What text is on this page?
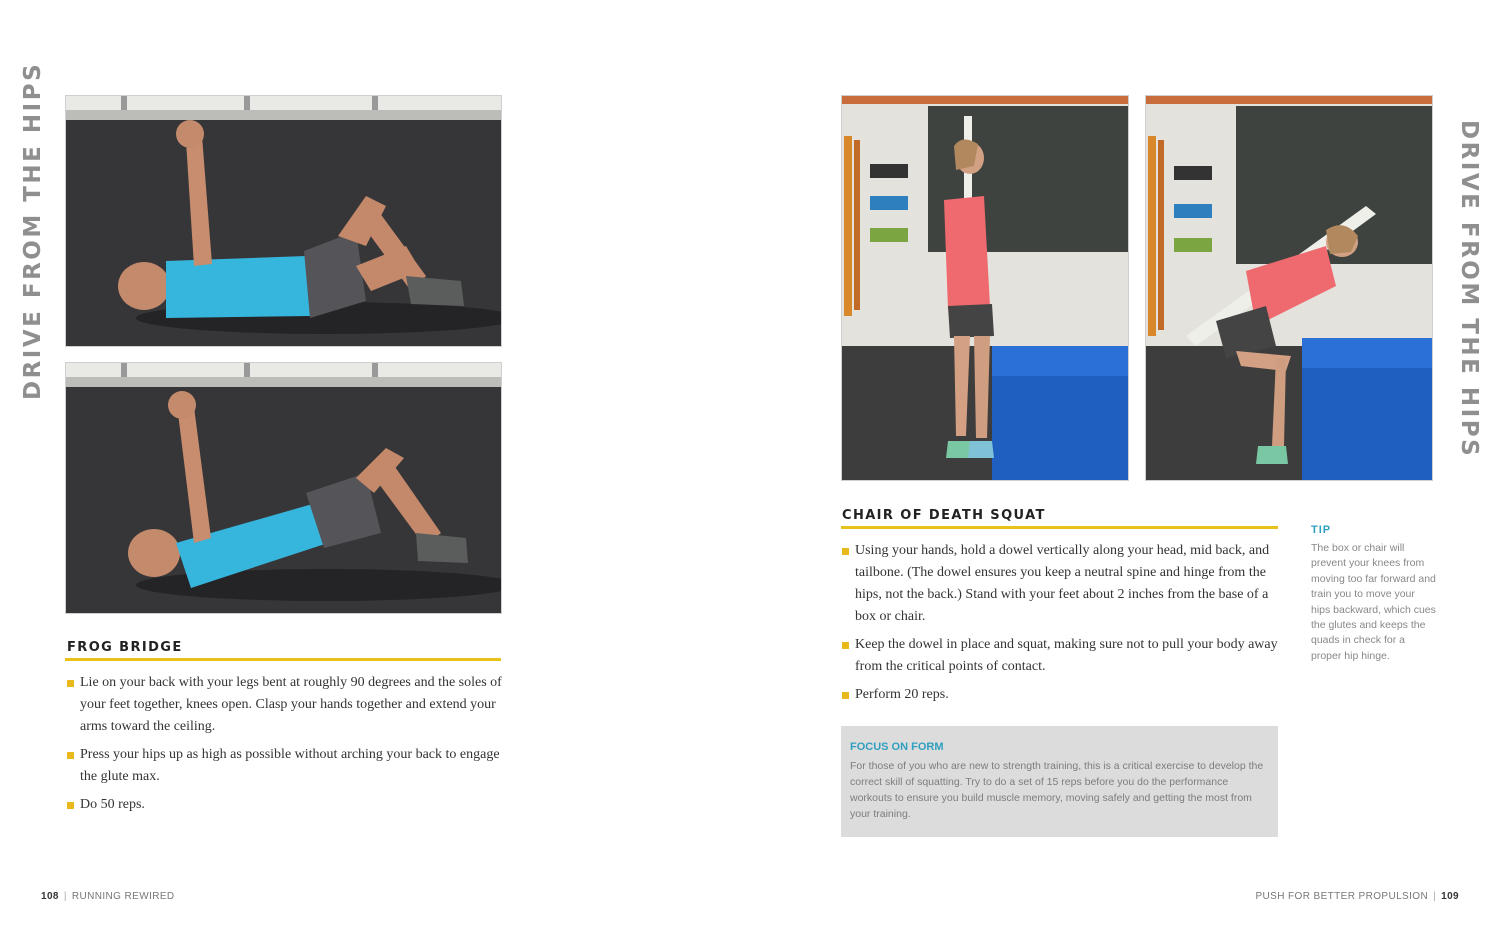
DRIVE FROM THE HIPS	DRIVE FROM THE HIPS
FROG BRIDGE
Lie on your back with your legs bent at roughly 90 degrees and the soles of your feet together, knees open. Clasp your hands together and extend your arms toward the ceiling.
Press your hips up as high as possible without arching your back to engage the glute max.
Do 50 reps.
CHAIR OF DEATH SQUAT
Using your hands, hold a dowel vertically along your head, mid back, and tailbone. (The dowel ensures you keep a neutral spine and hinge from the hips, not the back.) Stand with your feet about 2 inches from the base of a box or chair.
Keep the dowel in place and squat, making sure not to pull your body away from the critical points of contact.
Perform 20 reps.
TIP
The box or chair will prevent your knees from moving too far forward and train you to move your hips backward, which cues the glutes and keeps the quads in check for a proper hip hinge.
FOCUS ON FORM
For those of you who are new to strength training, this is a critical exercise to develop the correct skill of squatting. Try to do a set of 15 reps before you do the performance workouts to ensure you build muscle memory, moving safely and getting the most from your training.
108 | RUNNING REWIRED	PUSH FOR BETTER PROPULSION | 109
